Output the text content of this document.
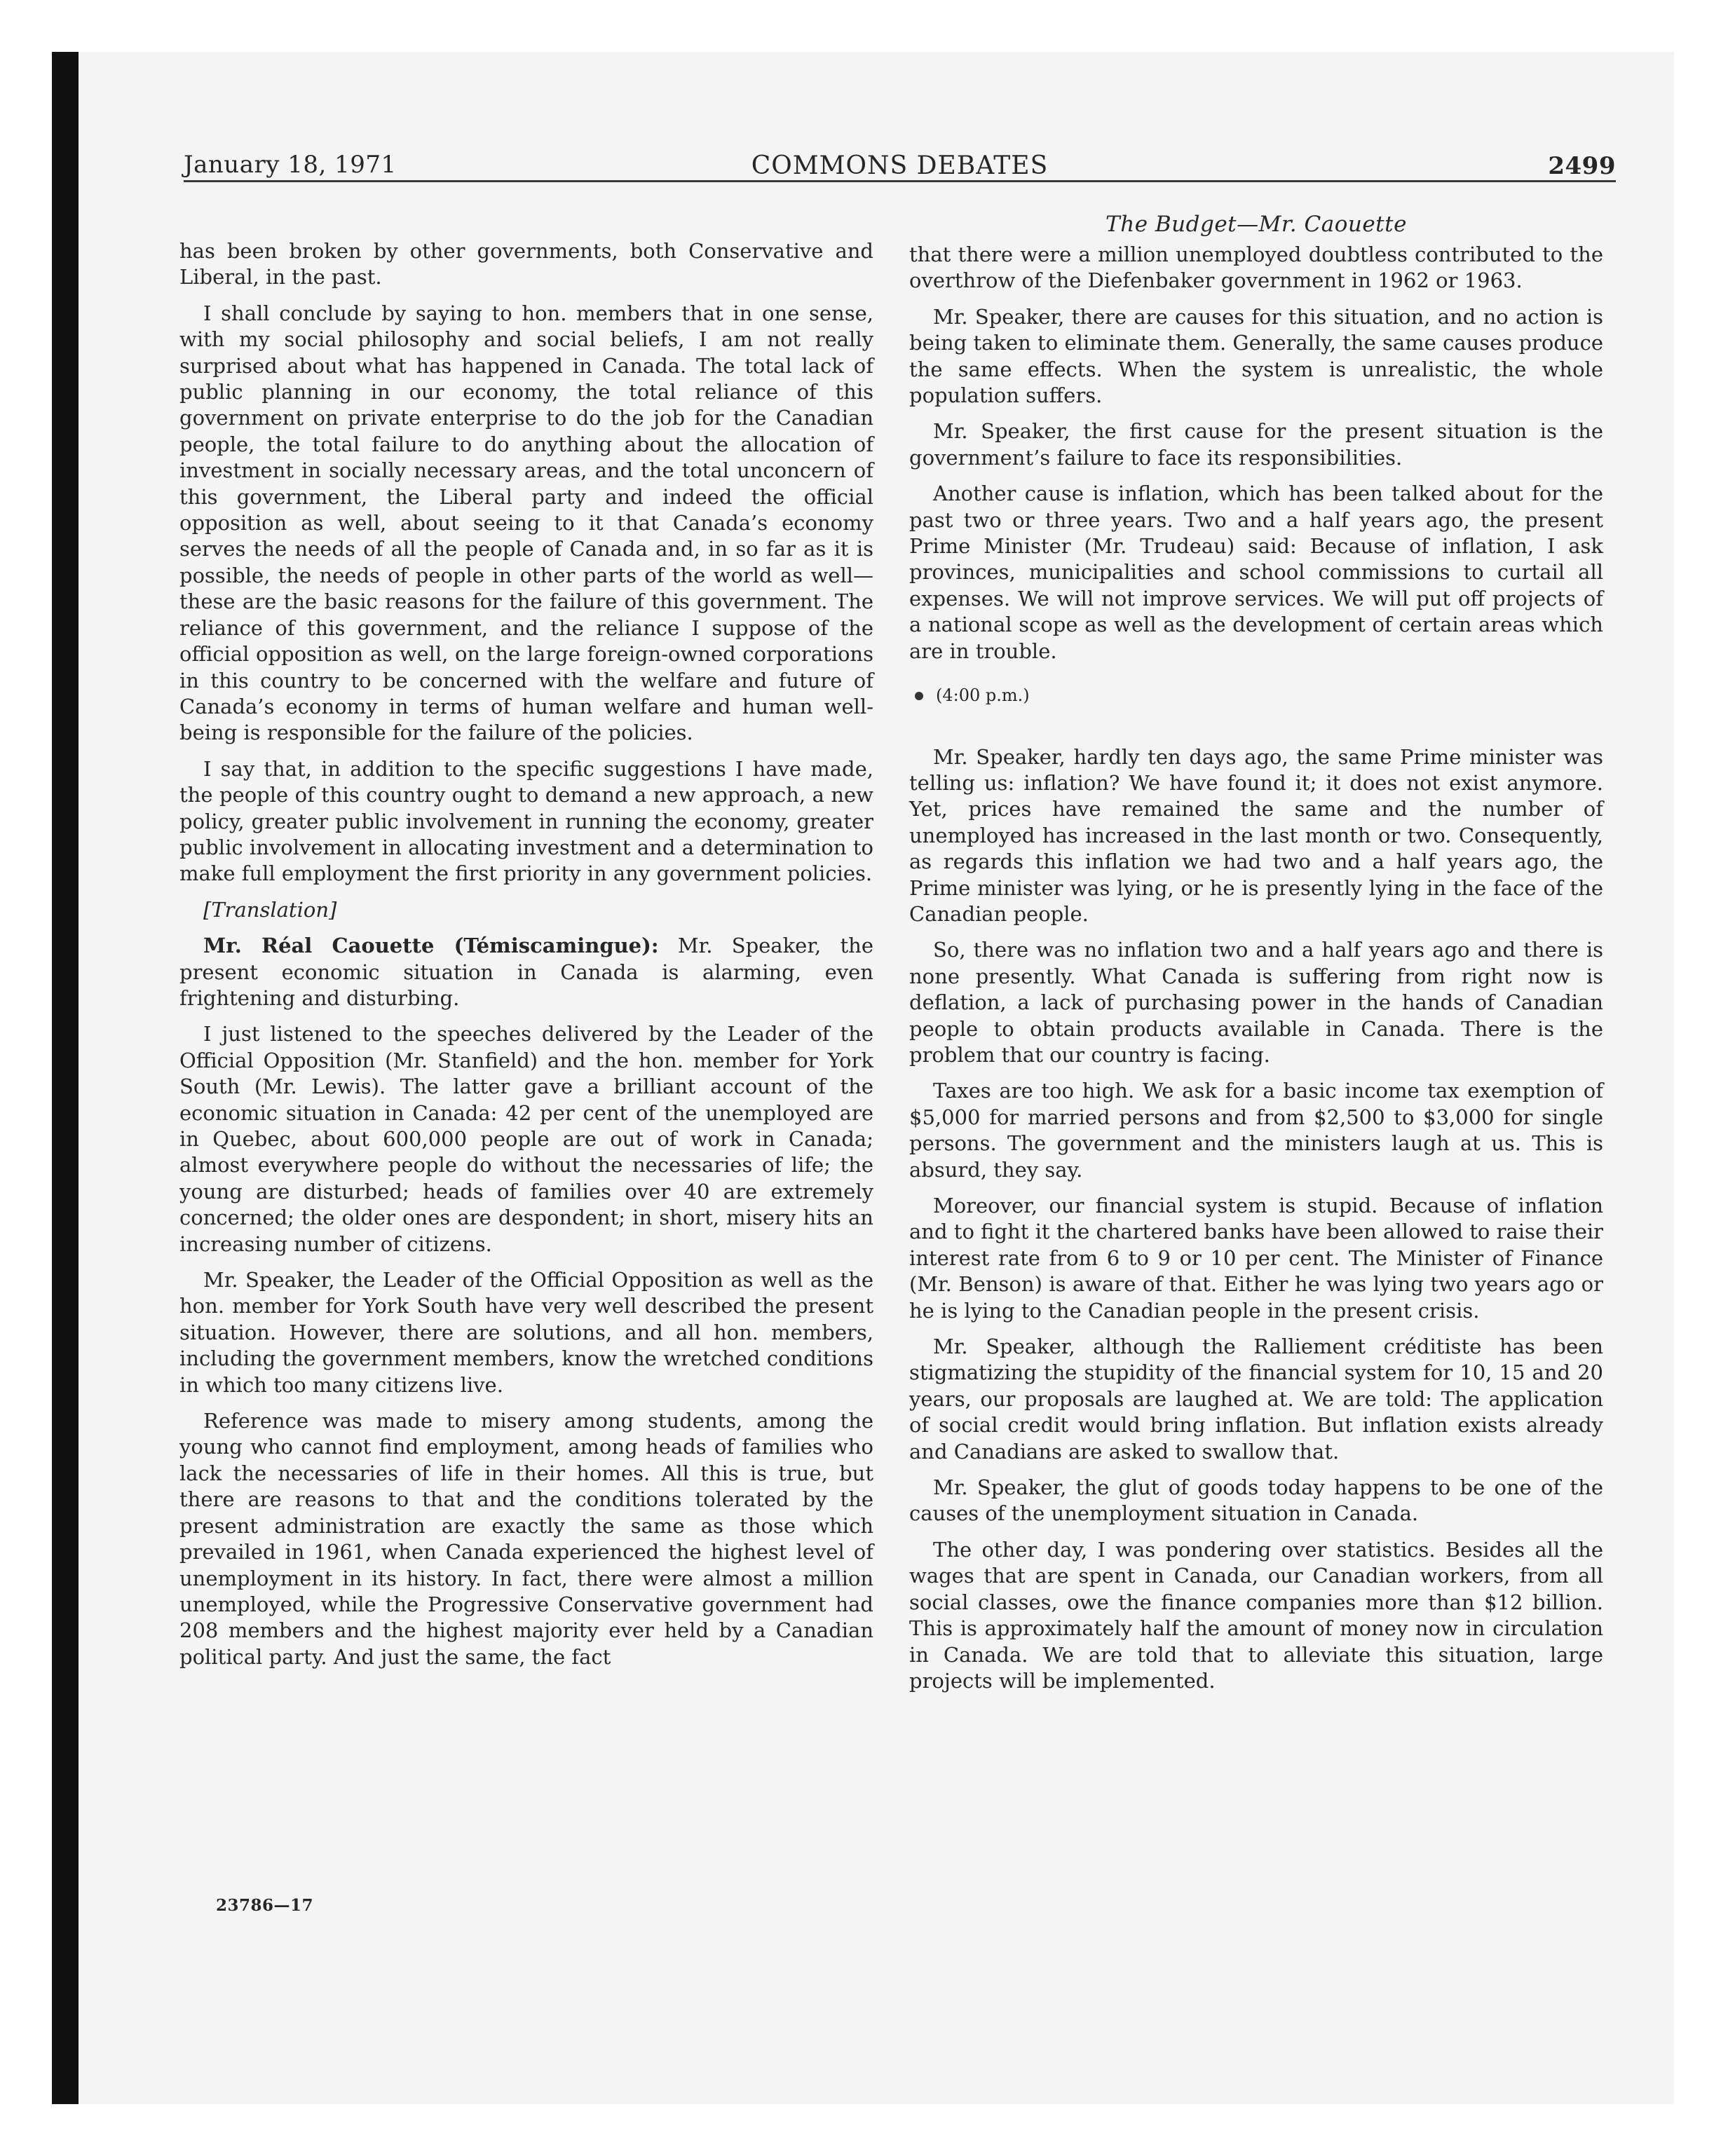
January 18, 1971	COMMONS DEBATES	2499
The Budget—Mr. Caouette

has been broken by other governments, both Conservative and Liberal, in the past.

I shall conclude by saying to hon. members that in one sense, with my social philosophy and social beliefs, I am not really surprised about what has happened in Canada. The total lack of public planning in our economy, the total reliance of this government on private enterprise to do the job for the Canadian people, the total failure to do anything about the allocation of investment in socially necessary areas, and the total unconcern of this government, the Liberal party and indeed the official opposition as well, about seeing to it that Canada’s economy serves the needs of all the people of Canada and, in so far as it is possible, the needs of people in other parts of the world as well—these are the basic reasons for the failure of this government. The reliance of this government, and the reliance I suppose of the official opposition as well, on the large foreign-owned corporations in this country to be concerned with the welfare and future of Canada’s economy in terms of human welfare and human well-being is responsible for the failure of the policies.

I say that, in addition to the specific suggestions I have made, the people of this country ought to demand a new approach, a new policy, greater public involvement in running the economy, greater public involvement in allocating investment and a determination to make full employment the first priority in any government policies.

[Translation]

Mr. Réal Caouette (Témiscamingue): Mr. Speaker, the present economic situation in Canada is alarming, even frightening and disturbing.

I just listened to the speeches delivered by the Leader of the Official Opposition (Mr. Stanfield) and the hon. member for York South (Mr. Lewis). The latter gave a brilliant account of the economic situation in Canada: 42 per cent of the unemployed are in Quebec, about 600,000 people are out of work in Canada; almost everywhere people do without the necessaries of life; the young are disturbed; heads of families over 40 are extremely concerned; the older ones are despondent; in short, misery hits an increasing number of citizens.

Mr. Speaker, the Leader of the Official Opposition as well as the hon. member for York South have very well described the present situation. However, there are solutions, and all hon. members, including the government members, know the wretched conditions in which too many citizens live.

Reference was made to misery among students, among the young who cannot find employment, among heads of families who lack the necessaries of life in their homes. All this is true, but there are reasons to that and the conditions tolerated by the present administration are exactly the same as those which prevailed in 1961, when Canada experienced the highest level of unemployment in its history. In fact, there were almost a million unemployed, while the Progressive Conservative government had 208 members and the highest majority ever held by a Canadian political party. And just the same, the fact

that there were a million unemployed doubtless contributed to the overthrow of the Diefenbaker government in 1962 or 1963.

Mr. Speaker, there are causes for this situation, and no action is being taken to eliminate them. Generally, the same causes produce the same effects. When the system is unrealistic, the whole population suffers.

Mr. Speaker, the first cause for the present situation is the government’s failure to face its responsibilities.

Another cause is inflation, which has been talked about for the past two or three years. Two and a half years ago, the present Prime Minister (Mr. Trudeau) said: Because of inflation, I ask provinces, municipalities and school commissions to curtail all expenses. We will not improve services. We will put off projects of a national scope as well as the development of certain areas which are in trouble.

(4:00 p.m.)

Mr. Speaker, hardly ten days ago, the same Prime minister was telling us: inflation? We have found it; it does not exist anymore. Yet, prices have remained the same and the number of unemployed has increased in the last month or two. Consequently, as regards this inflation we had two and a half years ago, the Prime minister was lying, or he is presently lying in the face of the Canadian people.

So, there was no inflation two and a half years ago and there is none presently. What Canada is suffering from right now is deflation, a lack of purchasing power in the hands of Canadian people to obtain products available in Canada. There is the problem that our country is facing.

Taxes are too high. We ask for a basic income tax exemption of $5,000 for married persons and from $2,500 to $3,000 for single persons. The government and the ministers laugh at us. This is absurd, they say.

Moreover, our financial system is stupid. Because of inflation and to fight it the chartered banks have been allowed to raise their interest rate from 6 to 9 or 10 per cent. The Minister of Finance (Mr. Benson) is aware of that. Either he was lying two years ago or he is lying to the Canadian people in the present crisis.

Mr. Speaker, although the Ralliement créditiste has been stigmatizing the stupidity of the financial system for 10, 15 and 20 years, our proposals are laughed at. We are told: The application of social credit would bring inflation. But inflation exists already and Canadians are asked to swallow that.

Mr. Speaker, the glut of goods today happens to be one of the causes of the unemployment situation in Canada.

The other day, I was pondering over statistics. Besides all the wages that are spent in Canada, our Canadian workers, from all social classes, owe the finance companies more than $12 billion. This is approximately half the amount of money now in circulation in Canada. We are told that to alleviate this situation, large projects will be implemented.

23786—17
